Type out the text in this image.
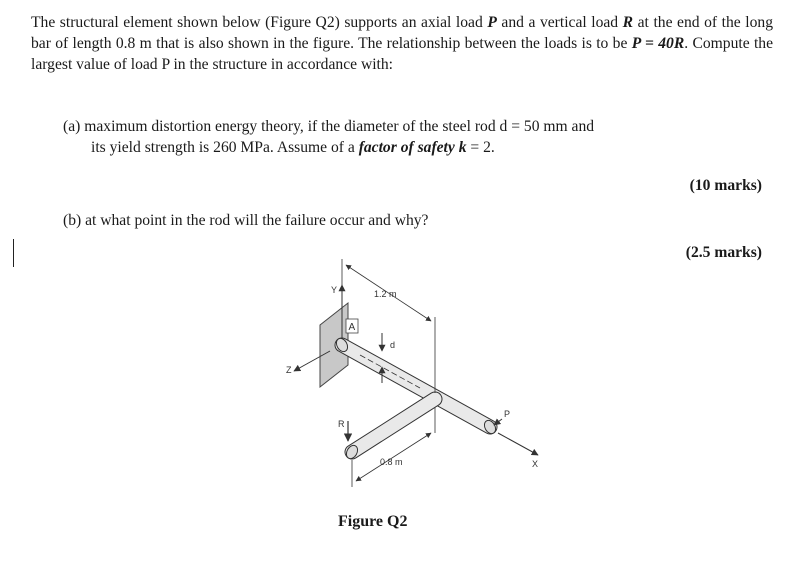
The structural element shown below (Figure Q2) supports an axial load P and a vertical load R at the end of the long bar of length 0.8 m that is also shown in the figure. The relationship between the loads is to be P = 40R. Compute the largest value of load P in the structure in accordance with:
(a) maximum distortion energy theory, if the diameter of the steel rod d = 50 mm and
its yield strength is 260 MPa. Assume of a factor of safety k = 2.
(10 marks)
(b) at what point in the rod will the failure occur and why?
(2.5 marks)
Y
Z
A
d
X
P
R
1.2 m
0.8 m
Figure Q2
